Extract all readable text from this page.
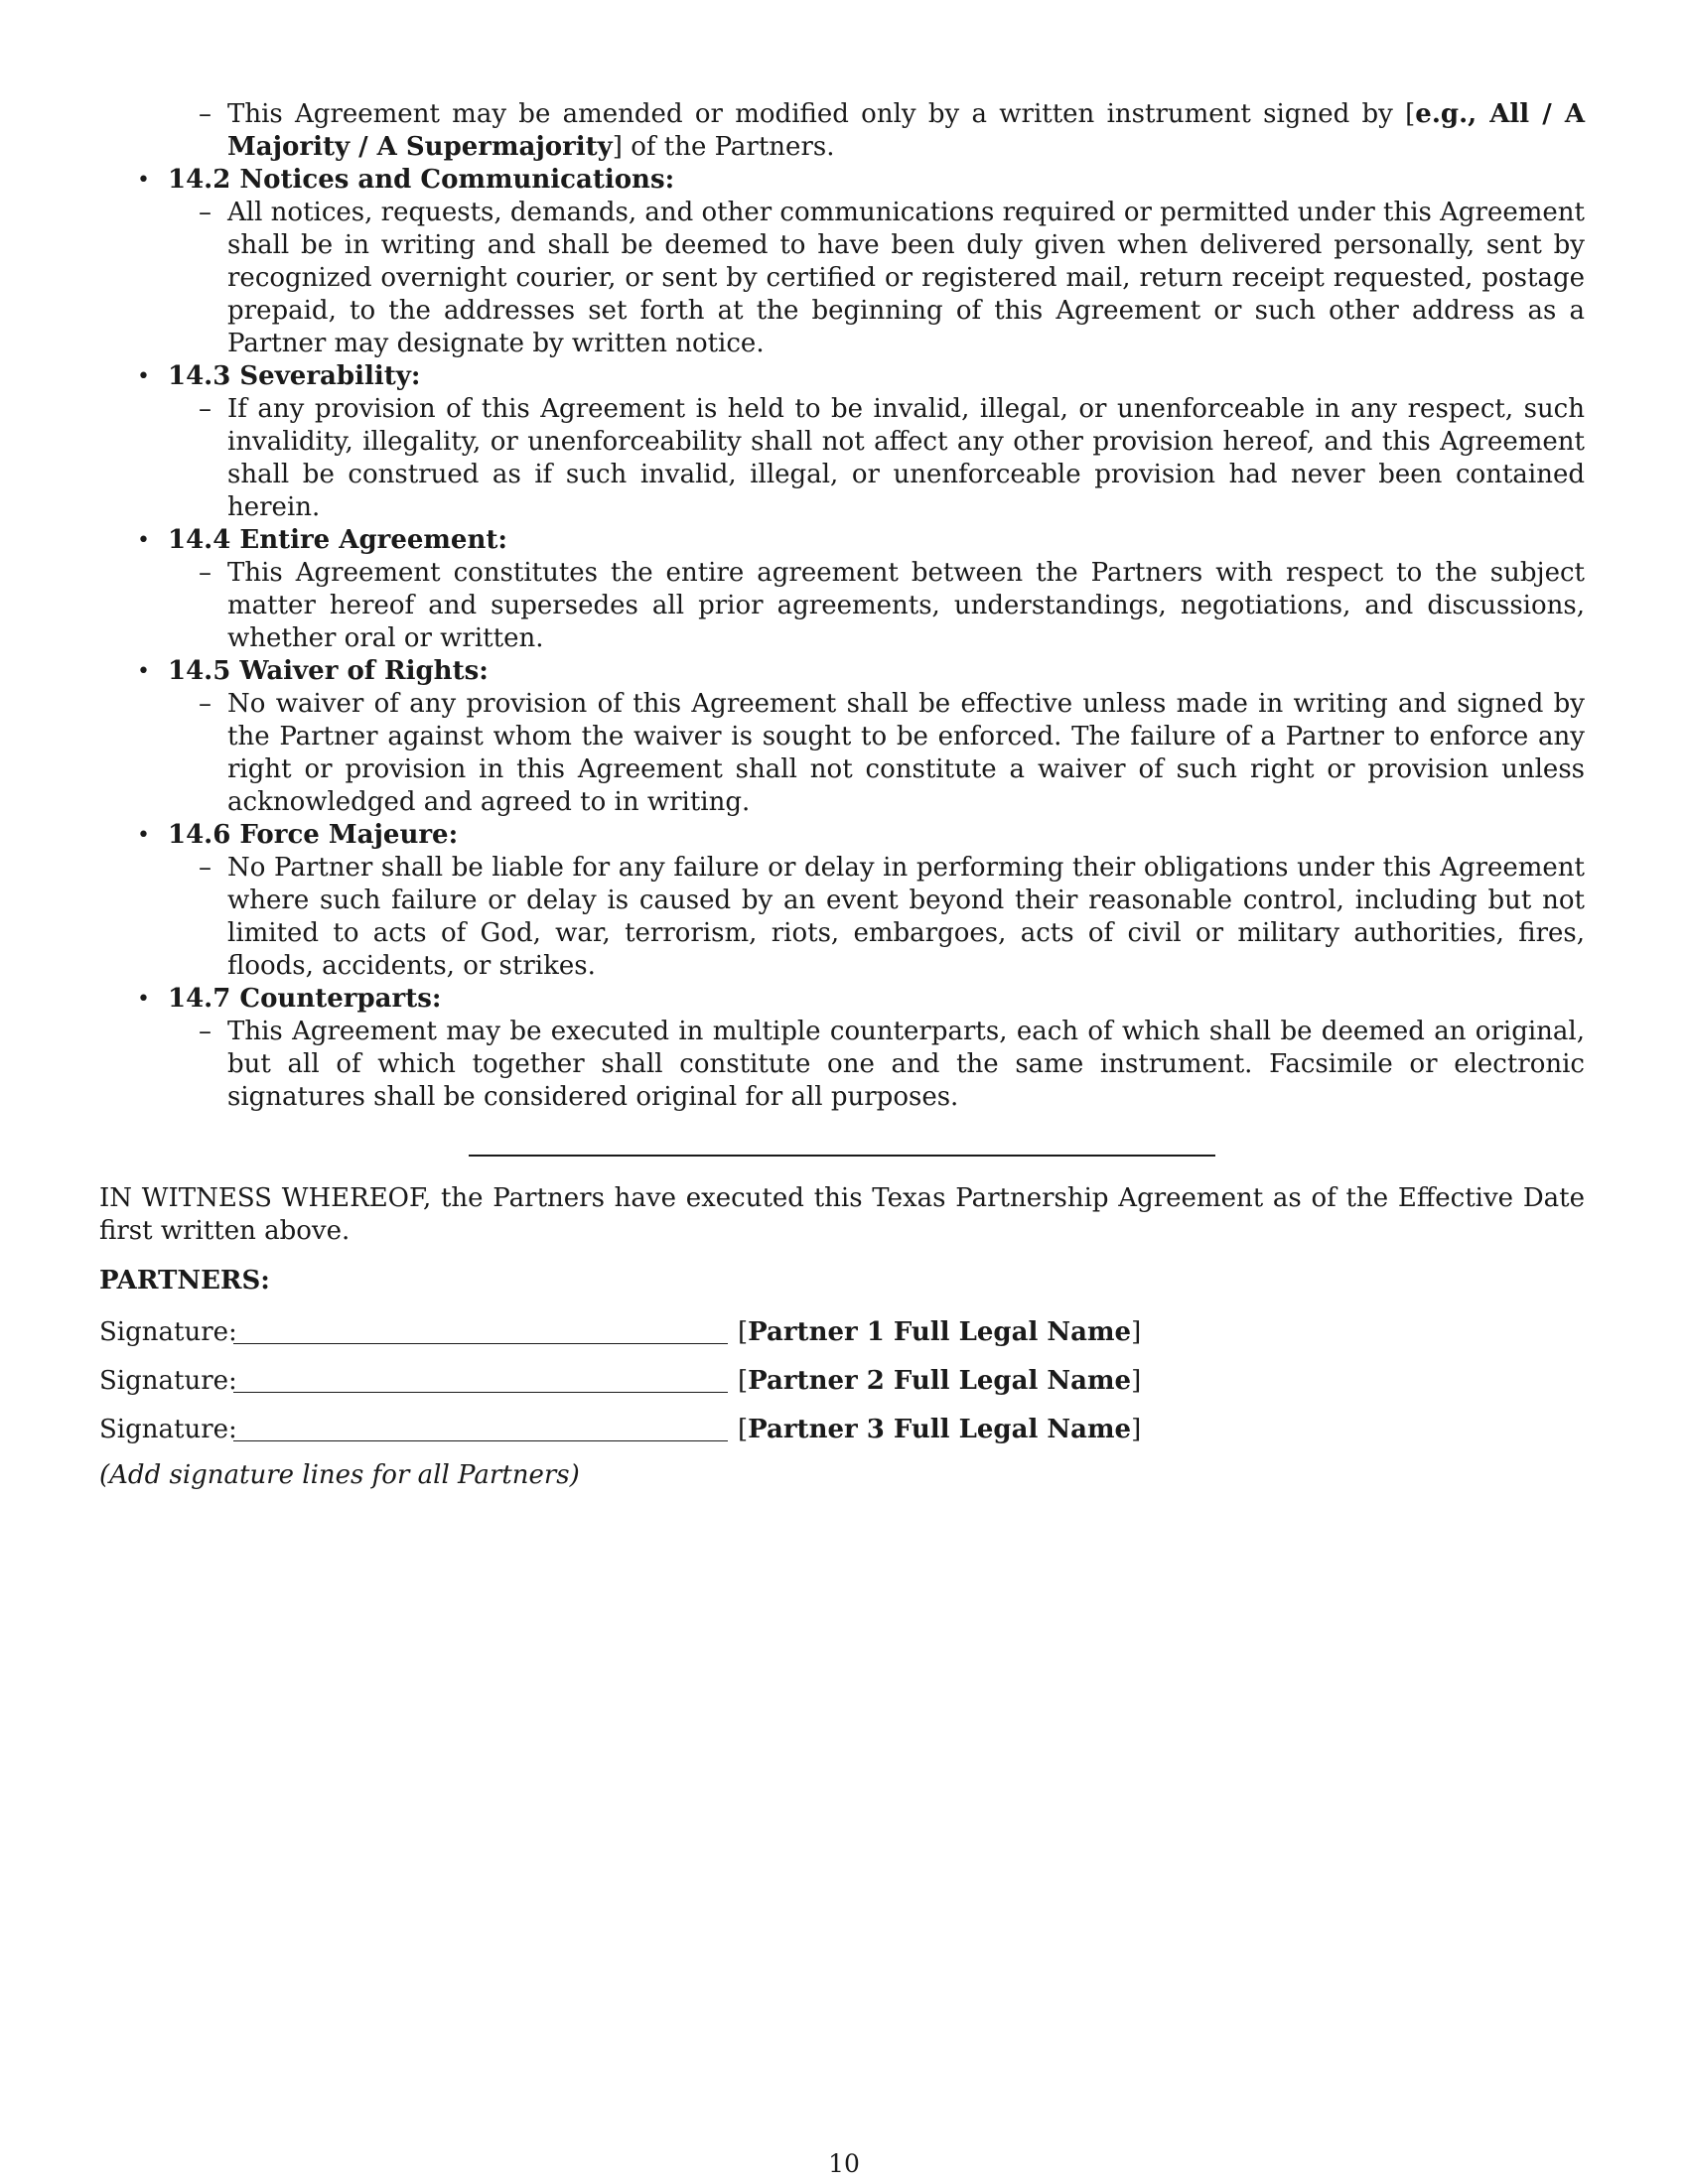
– This Agreement may be amended or modified only by a written instrument signed by [e.g., All / A Majority / A Supermajority] of the Partners.
• 14.2 Notices and Communications:
– All notices, requests, demands, and other communications required or permitted under this Agreement shall be in writing and shall be deemed to have been duly given when delivered personally, sent by recognized overnight courier, or sent by certified or registered mail, return receipt requested, postage prepaid, to the addresses set forth at the beginning of this Agreement or such other address as a Partner may designate by written notice.
• 14.3 Severability:
– If any provision of this Agreement is held to be invalid, illegal, or unenforceable in any respect, such invalidity, illegality, or unenforceability shall not affect any other provision hereof, and this Agreement shall be construed as if such invalid, illegal, or unenforceable provision had never been contained herein.
• 14.4 Entire Agreement:
– This Agreement constitutes the entire agreement between the Partners with respect to the subject matter hereof and supersedes all prior agreements, understandings, negotiations, and discussions, whether oral or written.
• 14.5 Waiver of Rights:
– No waiver of any provision of this Agreement shall be effective unless made in writing and signed by the Partner against whom the waiver is sought to be enforced. The failure of a Partner to enforce any right or provision in this Agreement shall not constitute a waiver of such right or provision unless acknowledged and agreed to in writing.
• 14.6 Force Majeure:
– No Partner shall be liable for any failure or delay in performing their obligations under this Agreement where such failure or delay is caused by an event beyond their reasonable control, including but not limited to acts of God, war, terrorism, riots, embargoes, acts of civil or military authorities, fires, floods, accidents, or strikes.
• 14.7 Counterparts:
– This Agreement may be executed in multiple counterparts, each of which shall be deemed an original, but all of which together shall constitute one and the same instrument. Facsimile or electronic signatures shall be considered original for all purposes.

IN WITNESS WHEREOF, the Partners have executed this Texas Partnership Agreement as of the Effective Date first written above.

PARTNERS:
Signature:	[ Partner 1 Full Legal Name ]
Signature:	[ Partner 2 Full Legal Name ]
Signature:	[ Partner 3 Full Legal Name ]
(Add signature lines for all Partners)
10
